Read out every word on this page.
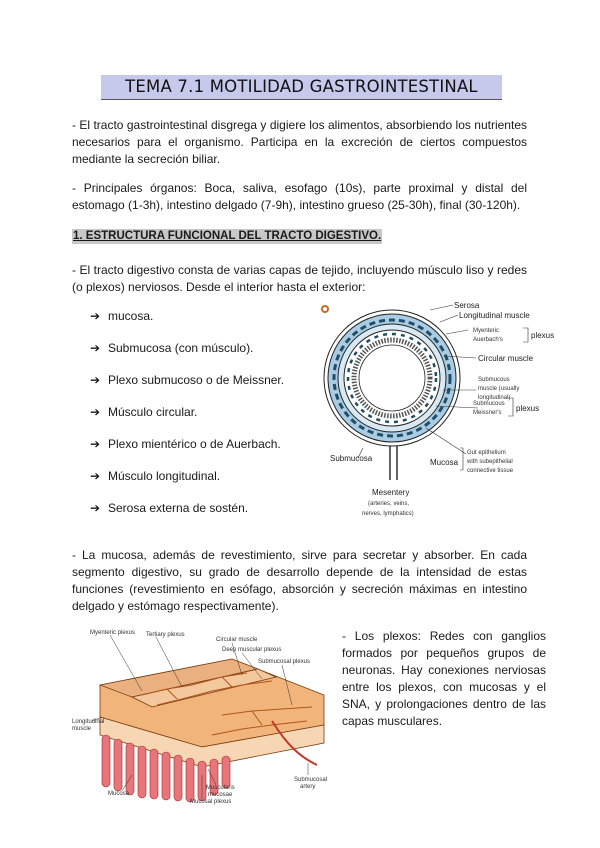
TEMA 7.1 MOTILIDAD GASTROINTESTINAL

- El tracto gastrointestinal disgrega y digiere los alimentos, absorbiendo los nutrientes necesarios para el organismo. Participa en la excreción de ciertos compuestos mediante la secreción biliar.

- Principales órganos: Boca, saliva, esofago (10s), parte proximal y distal del estomago (1-3h), intestino delgado (7-9h), intestino grueso (25-30h), final (30-120h).

1. ESTRUCTURA FUNCIONAL DEL TRACTO DIGESTIVO.

- El tracto digestivo consta de varias capas de tejido, incluyendo músculo liso y redes (o plexos) nerviosos. Desde el interior hasta el exterior:

➔ mucosa.
➔ Submucosa (con músculo).
➔ Plexo submucoso o de Meissner.
➔ Músculo circular.
➔ Plexo mientérico o de Auerbach.
➔ Músculo longitudinal.
➔ Serosa externa de sostén.
Serosa
Longitudinal muscle
Myenteric
Auerbach's	plexus
Circular muscle
Submucous
muscle (usually
longitudinal)
Submucous
Meissner's plexus
Gut epithelium
with subepithelial
connective tissue
Mucosa
Submucosa
Mesentery
(arteries, veins,
nerves, lymphatics)

- La mucosa, además de revestimiento, sirve para secretar y absorber. En cada segmento digestivo, su grado de desarrollo depende de la intensidad de estas funciones (revestimiento en esófago, absorción y secreción máximas en intestino delgado y estómago respectivamente).

Myenteric plexus Tertiary plexus
Circular muscle
Deep muscular plexus
Submucosal plexus
Longitudinal
muscle
Mucosa
Muscularis
mucosae
Mucosal plexus
Submucosal
artery

- Los plexos: Redes con ganglios formados por pequeños grupos de neuronas. Hay conexiones nerviosas entre los plexos, con mucosas y el SNA, y prolongaciones dentro de las capas musculares.
